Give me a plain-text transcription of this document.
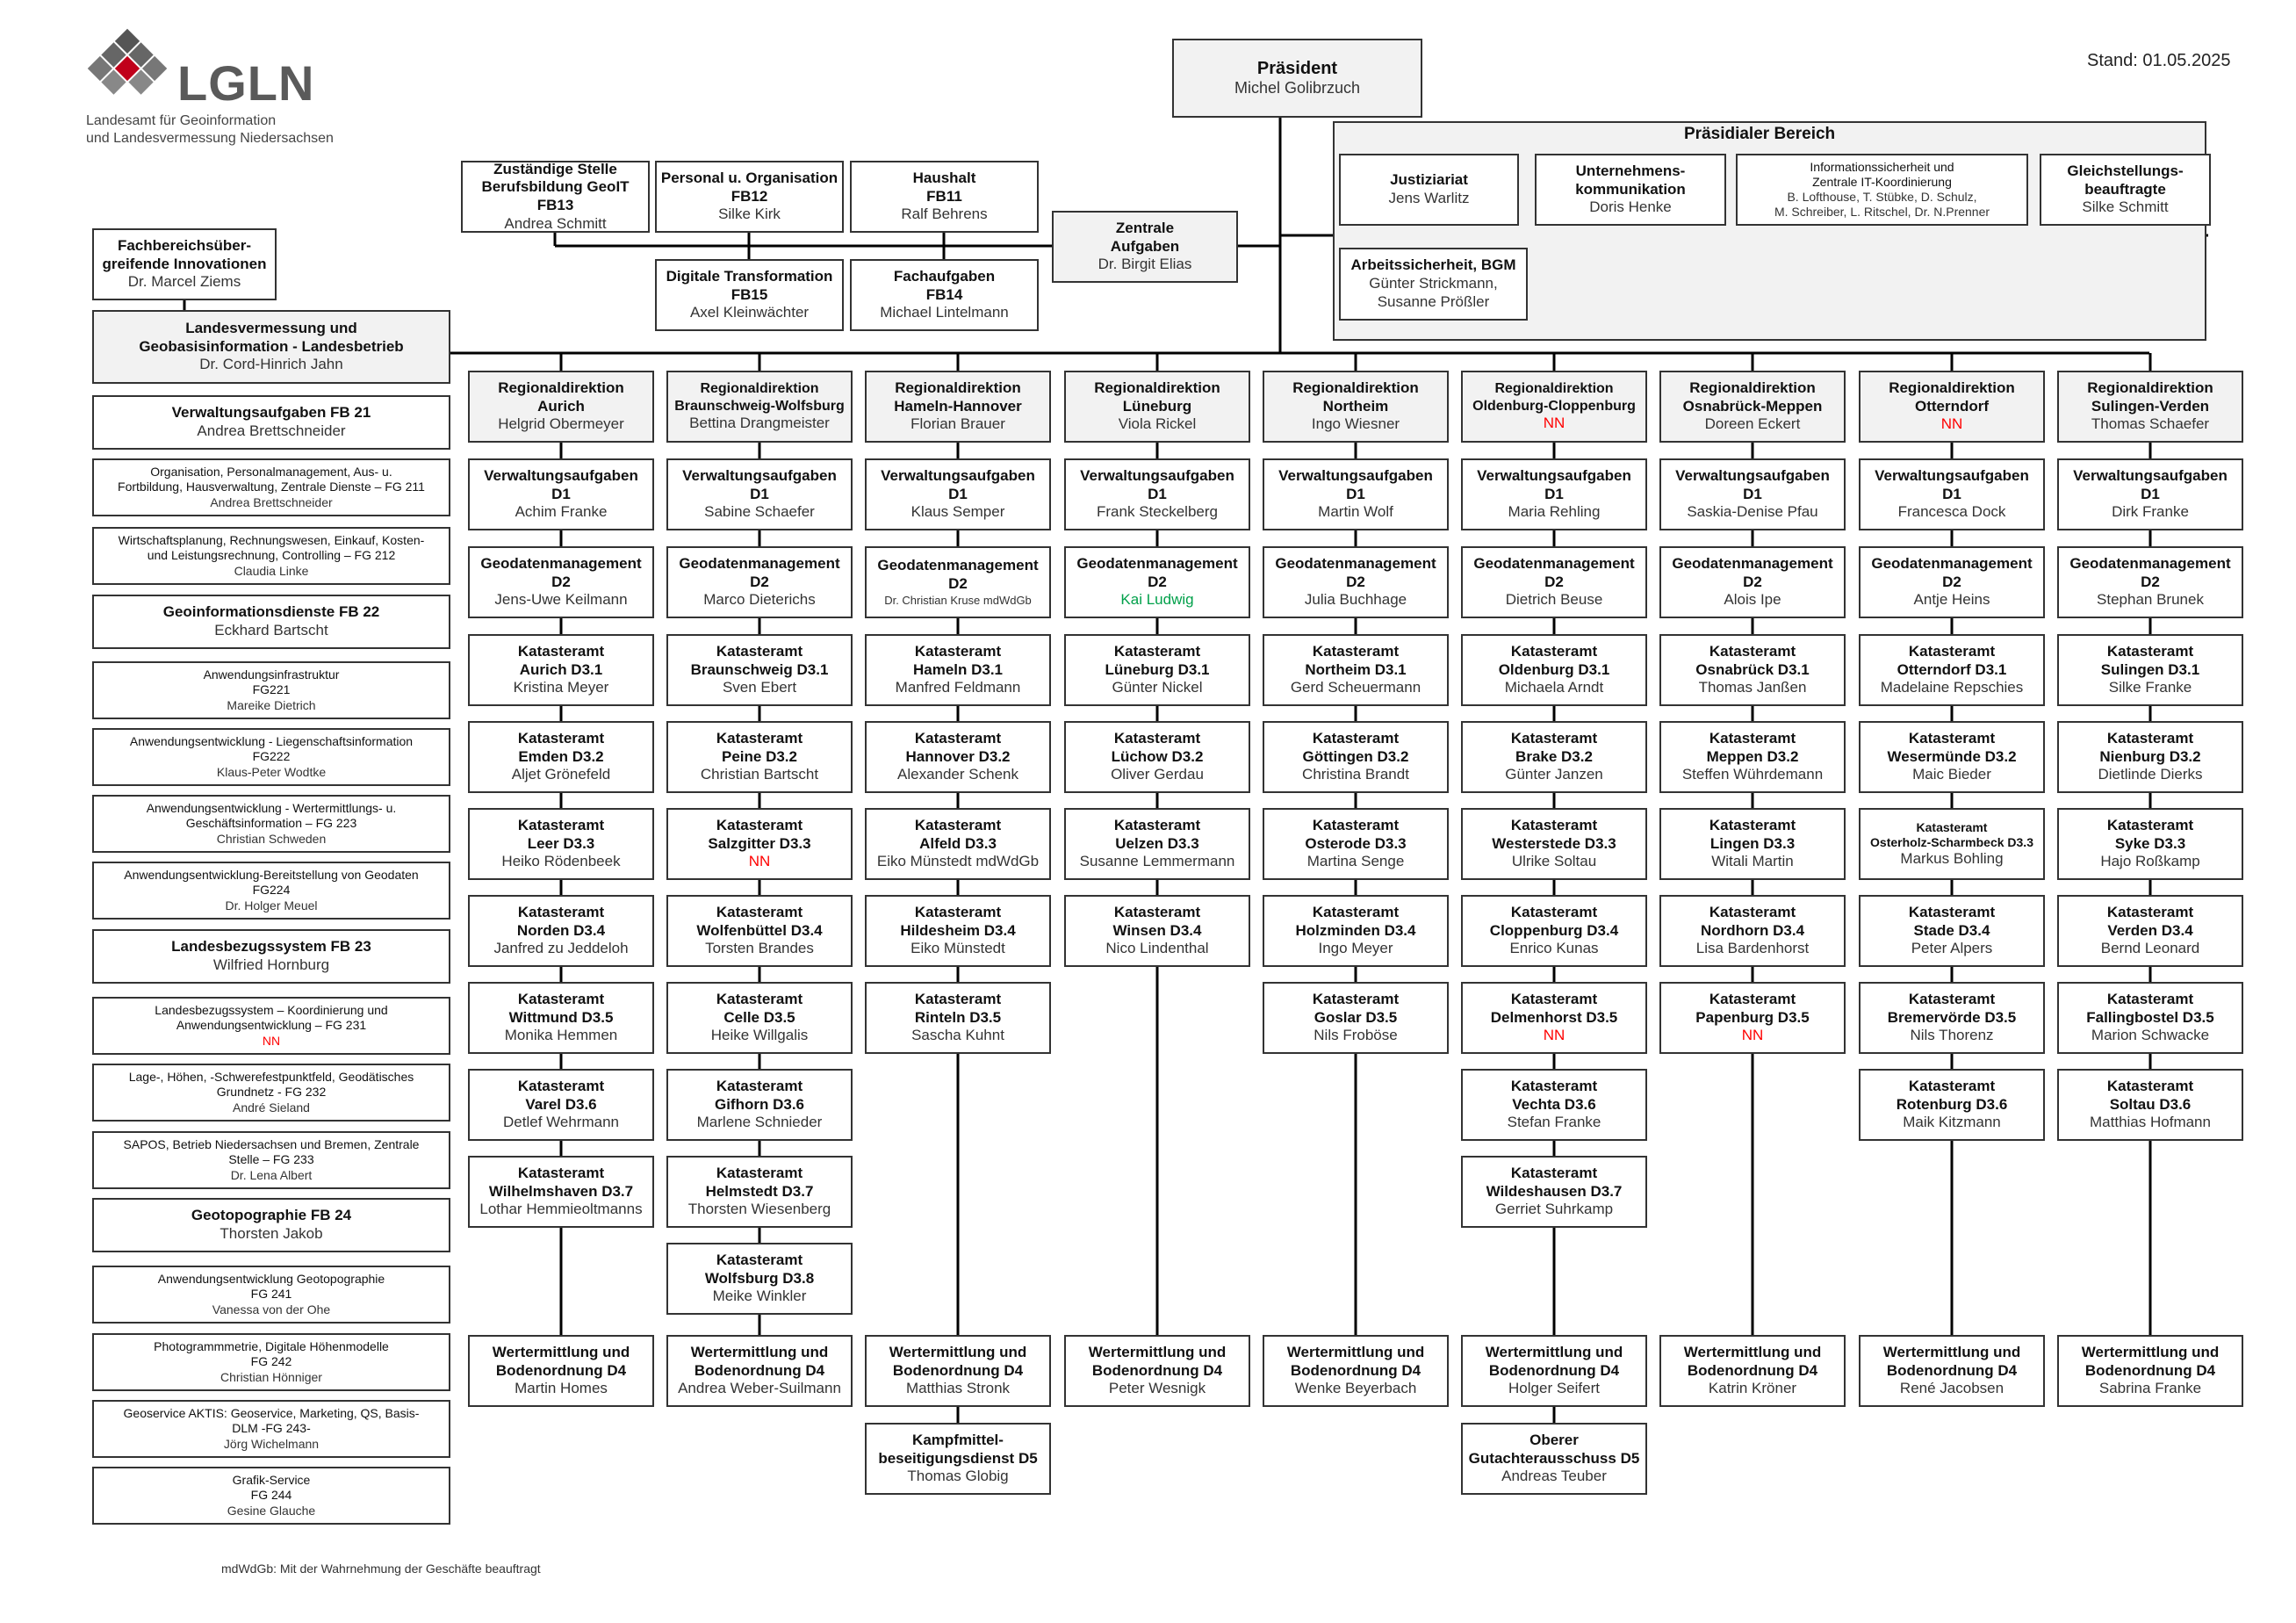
LGLN
Landesamt für Geoinformation
und Landesvermessung Niedersachsen
Stand: 01.05.2025
mdWdGb: Mit der Wahrnehmung der Geschäfte beauftragt
Präsidialer Bereich
Präsident
Michel Golibrzuch
Justiziariat
Jens Warlitz
Unternehmens-
kommunikation
Doris Henke
Informationssicherheit und
Zentrale IT-Koordinierung
B. Lofthouse, T. Stübke, D. Schulz,
M. Schreiber, L. Ritschel, Dr. N.Prenner
Gleichstellungs-
beauftragte
Silke Schmitt
Arbeitssicherheit, BGM
Günter Strickmann,
Susanne Prößler
Zuständige Stelle
Berufsbildung GeoIT
FB13
Andrea Schmitt
Personal u. Organisation
FB12
Silke Kirk
Haushalt
FB11
Ralf Behrens
Digitale Transformation
FB15
Axel Kleinwächter
Fachaufgaben
FB14
Michael Lintelmann
Zentrale
Aufgaben
Dr. Birgit Elias
Fachbereichsüber-
greifende Innovationen
Dr. Marcel Ziems
Landesvermessung und
Geobasisinformation - Landesbetrieb
Dr. Cord-Hinrich Jahn
Verwaltungsaufgaben FB 21
Andrea Brettschneider
Organisation, Personalmanagement, Aus- u.
Fortbildung, Hausverwaltung, Zentrale Dienste – FG 211
Andrea Brettschneider
Wirtschaftsplanung, Rechnungswesen, Einkauf, Kosten-
und Leistungsrechnung, Controlling – FG 212
Claudia Linke
Geoinformationsdienste FB 22
Eckhard Bartscht
Anwendungsinfrastruktur
FG221
Mareike Dietrich
Anwendungsentwicklung - Liegenschaftsinformation
FG222
Klaus-Peter Wodtke
Anwendungsentwicklung - Wertermittlungs- u.
Geschäftsinformation – FG 223
Christian Schweden
Anwendungsentwicklung-Bereitstellung von Geodaten
FG224
Dr. Holger Meuel
Landesbezugssystem FB 23
Wilfried Hornburg
Landesbezugssystem – Koordinierung und
Anwendungsentwicklung – FG 231
NN
Lage-, Höhen, -Schwerefestpunktfeld, Geodätisches
Grundnetz - FG 232
André Sieland
SAPOS, Betrieb Niedersachsen und Bremen, Zentrale
Stelle – FG 233
Dr. Lena Albert
Geotopographie FB 24
Thorsten Jakob
Anwendungsentwicklung Geotopographie
FG 241
Vanessa von der Ohe
Photogrammmetrie, Digitale Höhenmodelle
FG 242
Christian Hönniger
Geoservice AKTIS: Geoservice, Marketing, QS, Basis-
DLM -FG 243-
Jörg Wichelmann
Grafik-Service
FG 244
Gesine Glauche
Regionaldirektion
Aurich
Helgrid Obermeyer
Verwaltungsaufgaben
D1
Achim Franke
Geodatenmanagement
D2
Jens-Uwe Keilmann
Katasteramt
Aurich D3.1
Kristina Meyer
Katasteramt
Emden D3.2
Aljet Grönefeld
Katasteramt
Leer D3.3
Heiko Rödenbeek
Katasteramt
Norden D3.4
Janfred zu Jeddeloh
Katasteramt
Wittmund D3.5
Monika Hemmen
Katasteramt
Varel D3.6
Detlef Wehrmann
Katasteramt
Wilhelmshaven D3.7
Lothar Hemmieoltmanns
Wertermittlung und
Bodenordnung D4
Martin Homes
Regionaldirektion
Braunschweig-Wolfsburg
Bettina Drangmeister
Verwaltungsaufgaben
D1
Sabine Schaefer
Geodatenmanagement
D2
Marco Dieterichs
Katasteramt
Braunschweig D3.1
Sven Ebert
Katasteramt
Peine D3.2
Christian Bartscht
Katasteramt
Salzgitter D3.3
NN
Katasteramt
Wolfenbüttel D3.4
Torsten Brandes
Katasteramt
Celle D3.5
Heike Willgalis
Katasteramt
Gifhorn D3.6
Marlene Schnieder
Katasteramt
Helmstedt D3.7
Thorsten Wiesenberg
Katasteramt
Wolfsburg D3.8
Meike Winkler
Wertermittlung und
Bodenordnung D4
Andrea Weber-Suilmann
Regionaldirektion
Hameln-Hannover
Florian Brauer
Verwaltungsaufgaben
D1
Klaus Semper
Geodatenmanagement
D2
Dr. Christian Kruse mdWdGb
Katasteramt
Hameln D3.1
Manfred Feldmann
Katasteramt
Hannover D3.2
Alexander Schenk
Katasteramt
Alfeld D3.3
Eiko Münstedt mdWdGb
Katasteramt
Hildesheim D3.4
Eiko Münstedt
Katasteramt
Rinteln D3.5
Sascha Kuhnt
Wertermittlung und
Bodenordnung D4
Matthias Stronk
Kampfmittel-
beseitigungsdienst D5
Thomas Globig
Regionaldirektion
Lüneburg
Viola Rickel
Verwaltungsaufgaben
D1
Frank Steckelberg
Geodatenmanagement
D2
Kai Ludwig
Katasteramt
Lüneburg D3.1
Günter Nickel
Katasteramt
Lüchow D3.2
Oliver Gerdau
Katasteramt
Uelzen D3.3
Susanne Lemmermann
Katasteramt
Winsen D3.4
Nico Lindenthal
Wertermittlung und
Bodenordnung D4
Peter Wesnigk
Regionaldirektion
Northeim
Ingo Wiesner
Verwaltungsaufgaben
D1
Martin Wolf
Geodatenmanagement
D2
Julia Buchhage
Katasteramt
Northeim D3.1
Gerd Scheuermann
Katasteramt
Göttingen D3.2
Christina Brandt
Katasteramt
Osterode D3.3
Martina Senge
Katasteramt
Holzminden D3.4
Ingo Meyer
Katasteramt
Goslar D3.5
Nils Froböse
Wertermittlung und
Bodenordnung D4
Wenke Beyerbach
Regionaldirektion
Oldenburg-Cloppenburg
NN
Verwaltungsaufgaben
D1
Maria Rehling
Geodatenmanagement
D2
Dietrich Beuse
Katasteramt
Oldenburg D3.1
Michaela Arndt
Katasteramt
Brake D3.2
Günter Janzen
Katasteramt
Westerstede D3.3
Ulrike Soltau
Katasteramt
Cloppenburg D3.4
Enrico Kunas
Katasteramt
Delmenhorst D3.5
NN
Katasteramt
Vechta D3.6
Stefan Franke
Katasteramt
Wildeshausen D3.7
Gerriet Suhrkamp
Wertermittlung und
Bodenordnung D4
Holger Seifert
Oberer
Gutachterausschuss D5
Andreas Teuber
Regionaldirektion
Osnabrück-Meppen
Doreen Eckert
Verwaltungsaufgaben
D1
Saskia-Denise Pfau
Geodatenmanagement
D2
Alois Ipe
Katasteramt
Osnabrück D3.1
Thomas Janßen
Katasteramt
Meppen D3.2
Steffen Wührdemann
Katasteramt
Lingen D3.3
Witali Martin
Katasteramt
Nordhorn D3.4
Lisa Bardenhorst
Katasteramt
Papenburg D3.5
NN
Wertermittlung und
Bodenordnung D4
Katrin Kröner
Regionaldirektion
Otterndorf
NN
Verwaltungsaufgaben
D1
Francesca Dock
Geodatenmanagement
D2
Antje Heins
Katasteramt
Otterndorf D3.1
Madelaine Repschies
Katasteramt
Wesermünde D3.2
Maic Bieder
Katasteramt
Osterholz-Scharmbeck D3.3
Markus Bohling
Katasteramt
Stade D3.4
Peter Alpers
Katasteramt
Bremervörde D3.5
Nils Thorenz
Katasteramt
Rotenburg D3.6
Maik Kitzmann
Wertermittlung und
Bodenordnung D4
René Jacobsen
Regionaldirektion
Sulingen-Verden
Thomas Schaefer
Verwaltungsaufgaben
D1
Dirk Franke
Geodatenmanagement
D2
Stephan Brunek
Katasteramt
Sulingen D3.1
Silke Franke
Katasteramt
Nienburg D3.2
Dietlinde Dierks
Katasteramt
Syke D3.3
Hajo Roßkamp
Katasteramt
Verden D3.4
Bernd Leonard
Katasteramt
Fallingbostel D3.5
Marion Schwacke
Katasteramt
Soltau D3.6
Matthias Hofmann
Wertermittlung und
Bodenordnung D4
Sabrina Franke
